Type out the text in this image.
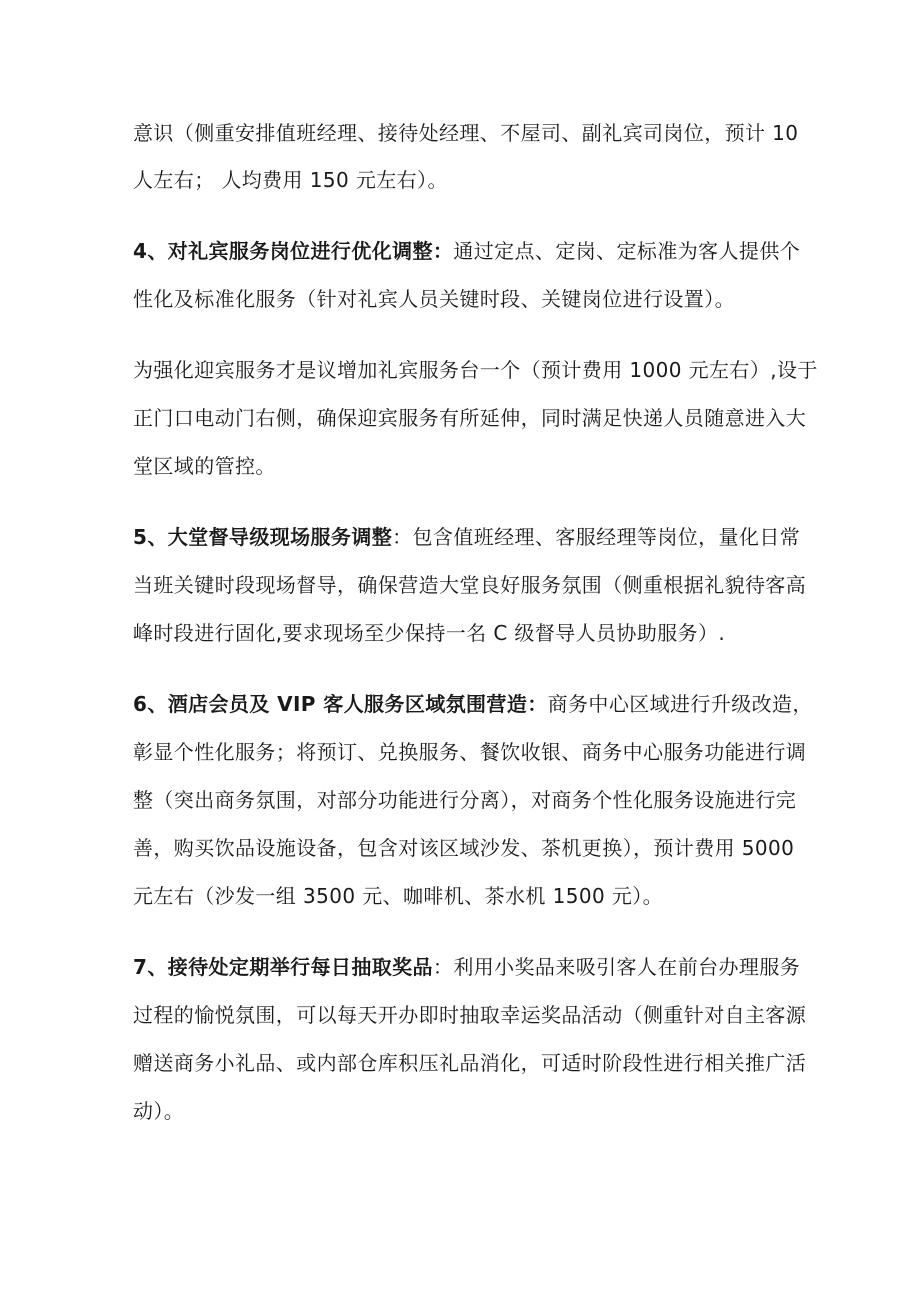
意识（侧重安排值班经理、接待处经理、不屋司、副礼宾司岗位，预计 10
人左右； 人均费用 150 元左右）。
4、对礼宾服务岗位进行优化调整：通过定点、定岗、定标准为客人提供个
性化及标准化服务（针对礼宾人员关键时段、关键岗位进行设置）。
为强化迎宾服务才是议增加礼宾服务台一个（预计费用 1000 元左右）,设于
正门口电动门右侧，确保迎宾服务有所延伸，同时满足快递人员随意进入大
堂区域的管控。
5、大堂督导级现场服务调整：包含值班经理、客服经理等岗位，量化日常
当班关键时段现场督导，确保营造大堂良好服务氛围（侧重根据礼貌待客高
峰时段进行固化,要求现场至少保持一名 C 级督导人员协助服务）.
6、酒店会员及 VIP 客人服务区域氛围营造：商务中心区域进行升级改造，
彰显个性化服务；将预订、兑换服务、餐饮收银、商务中心服务功能进行调
整（突出商务氛围，对部分功能进行分离），对商务个性化服务设施进行完
善，购买饮品设施设备，包含对该区域沙发、茶机更换），预计费用 5000
元左右（沙发一组 3500 元、咖啡机、茶水机 1500 元）。
7、接待处定期举行每日抽取奖品：利用小奖品来吸引客人在前台办理服务
过程的愉悦氛围，可以每天开办即时抽取幸运奖品活动（侧重针对自主客源
赠送商务小礼品、或内部仓库积压礼品消化，可适时阶段性进行相关推广活
动）。
